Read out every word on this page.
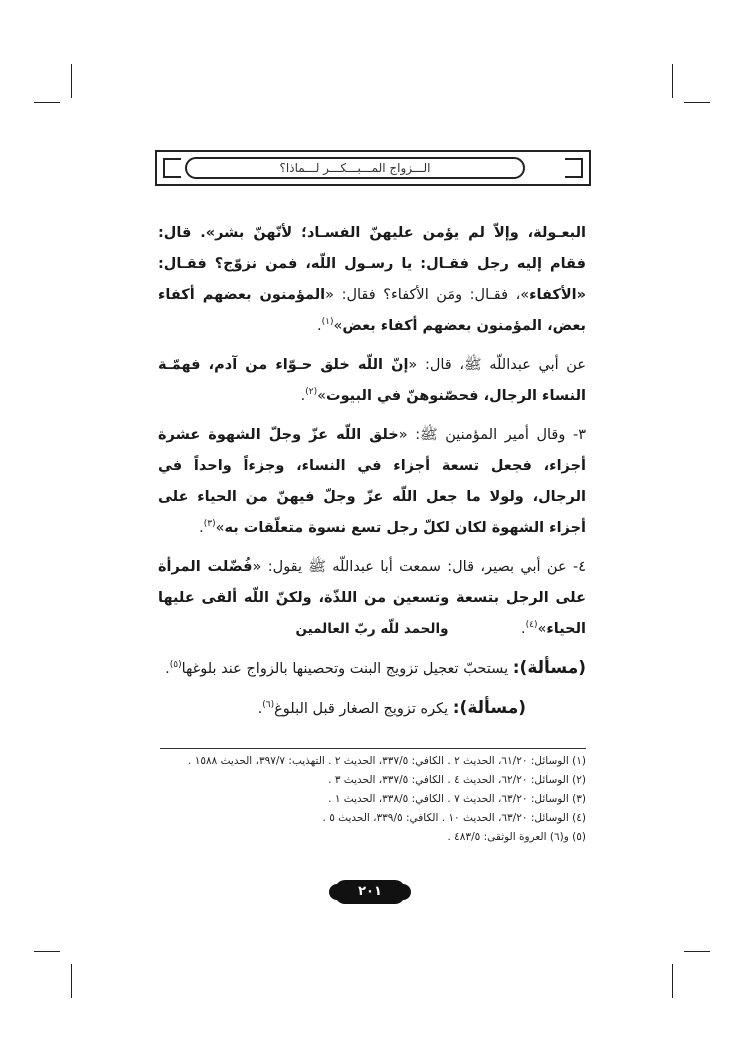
الـــزواج المـــبـــكـــر لـــماذا؟

البعـولة، وإلاّ لم يؤمن عليهنّ الفسـاد؛ لأنّهنّ بشر». قال: فقام إليه رجل فقـال: يا رسـول اللّه، فمن نزوّج؟ فقـال: «الأكفاء»، فقـال: ومَن الأكفاء؟ فقال: «المؤمنون بعضهم أكفاء بعض، المؤمنون بعضهم أكفاء بعض»$^{(١)}$.

عن أبي عبداللّه ﷺ، قال: «إنّ اللّه خلق حـوّاء من آدم، فهمّـة النساء الرجال، فحصّنوهنّ في البيوت»$^{(٢)}$.

٣- وقال أمير المؤمنين ﷺ: «خلق اللّه عزّ وجلّ الشهوة عشرة أجزاء، فجعل تسعة أجزاء في النساء، وجزءاً واحداً في الرجال، ولولا ما جعل اللّه عزّ وجلّ فيهنّ من الحياء على أجزاء الشهوة لكان لكلّ رجل تسع نسوة متعلّقات به»$^{(٣)}$.

٤- عن أبي بصير، قال: سمعت أبا عبداللّه ﷺ يقول: «فُضّلت المرأة على الرجل بتسعة وتسعين من اللذّة، ولكنّ اللّه ألقى عليها الحياء»$^{(٤)}$.

(مسألة): يستحبّ تعجيل تزويج البنت وتحصينها بالزواج عند بلوغها$^{(٥)}$.

(مسألة): يكره تزويج الصغار قبل البلوغ$^{(٦)}$.

والحمد للّه ربّ العالمين
(١) الوسائل: ٦١/٢٠، الحديث ٢ . الكافي: ٣٣٧/٥، الحديث ٢ . التهذيب: ٣٩٧/٧، الحديث ١٥٨٨ .
(٢) الوسائل: ٦٢/٢٠، الحديث ٤ . الكافي: ٣٣٧/٥، الحديث ٣ .
(٣) الوسائل: ٦٣/٢٠، الحديث ٧ . الكافي: ٣٣٨/٥، الحديث ١ .
(٤) الوسائل: ٦٣/٢٠، الحديث ١٠ . الكافي: ٣٣٩/٥، الحديث ٥ .
(٥) و(٦) العروة الوثقى: ٤٨٣/٥ .
٢٠١
